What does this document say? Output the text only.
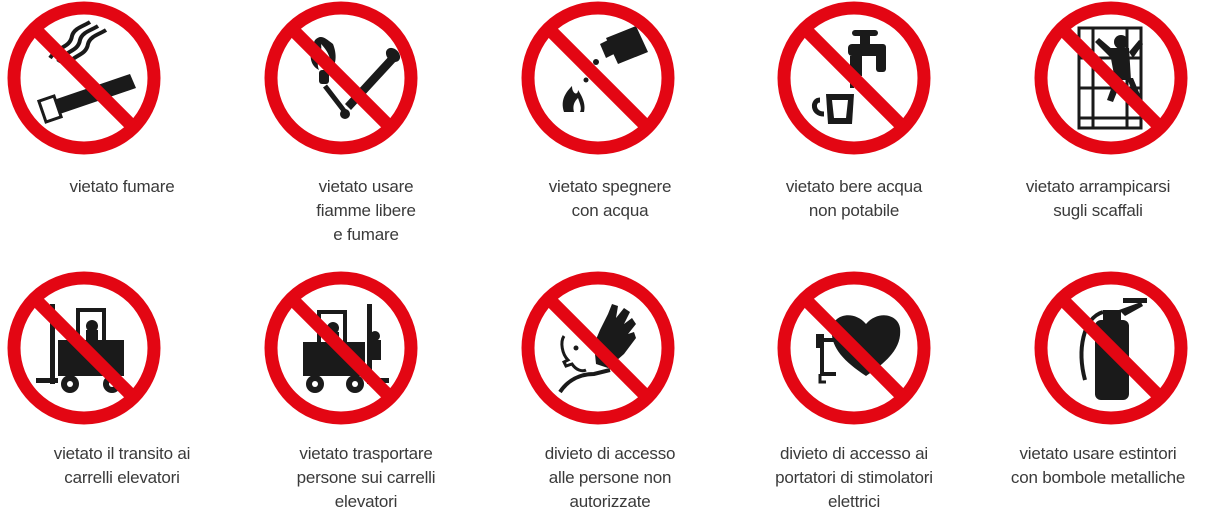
vietato fumare	vietato usare
fiamme libere
e fumare
vietato spegnere
con acqua
vietato bere acqua
non potabile
vietato arrampicarsi
sugli scaffali
vietato il transito ai
carrelli elevatori
vietato trasportare
persone sui carrelli
elevatori
divieto di accesso
alle persone non
autorizzate
divieto di accesso ai
portatori di stimolatori
elettrici
vietato usare estintori
con bombole metalliche
